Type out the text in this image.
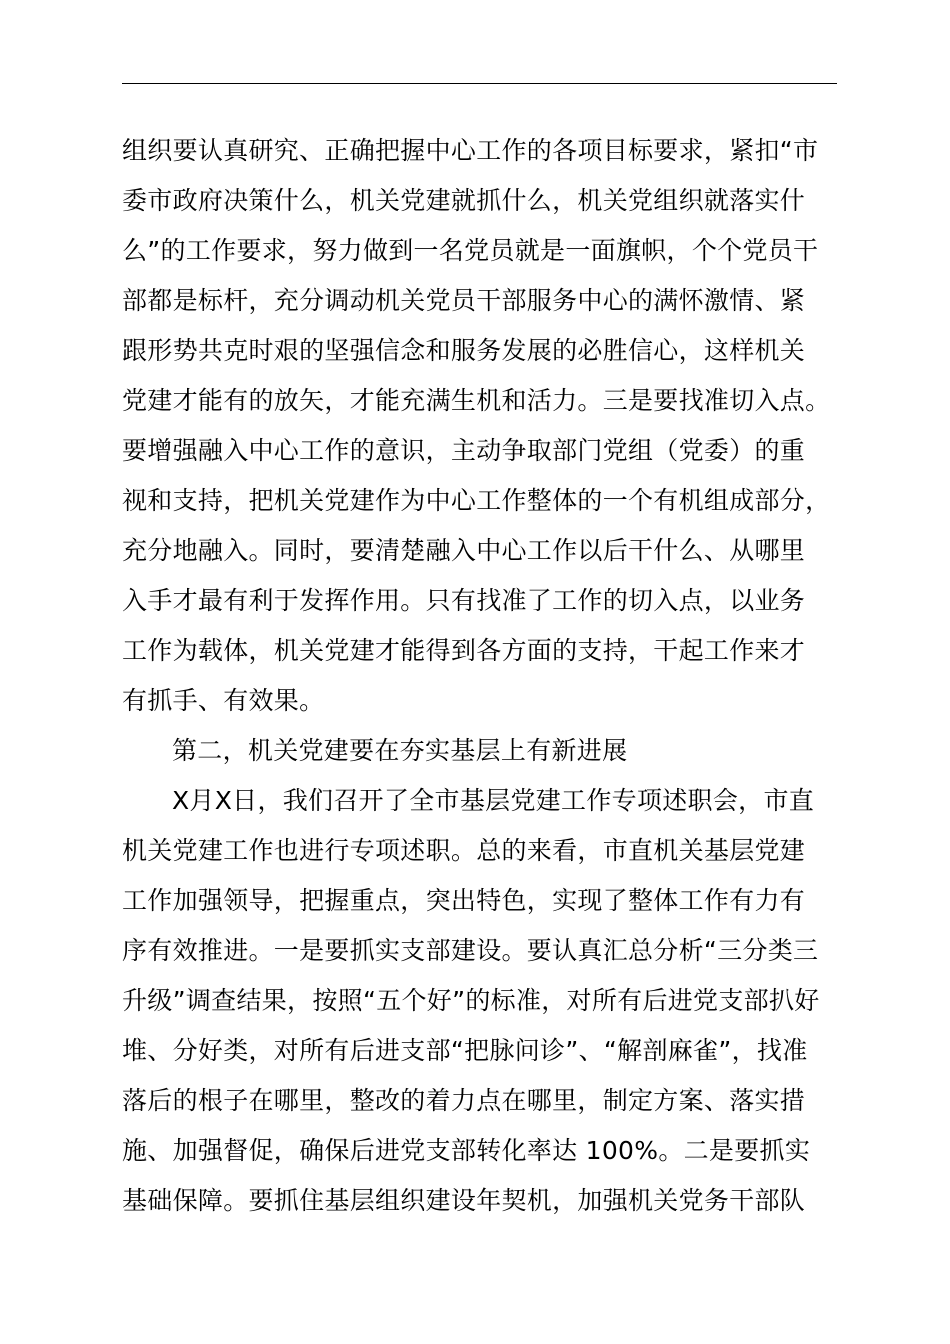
组织要认真研究、正确把握中心工作的各项目标要求，紧扣“市
委市政府决策什么，机关党建就抓什么，机关党组织就落实什
么”的工作要求，努力做到一名党员就是一面旗帜，个个党员干
部都是标杆，充分调动机关党员干部服务中心的满怀激情、紧
跟形势共克时艰的坚强信念和服务发展的必胜信心，这样机关
党建才能有的放矢，才能充满生机和活力。三是要找准切入点。
要增强融入中心工作的意识，主动争取部门党组（党委）的重
视和支持，把机关党建作为中心工作整体的一个有机组成部分，
充分地融入。同时，要清楚融入中心工作以后干什么、从哪里
入手才最有利于发挥作用。只有找准了工作的切入点，以业务
工作为载体，机关党建才能得到各方面的支持，干起工作来才
有抓手、有效果。
第二，机关党建要在夯实基层上有新进展
X月X日，我们召开了全市基层党建工作专项述职会，市直
机关党建工作也进行专项述职。总的来看，市直机关基层党建
工作加强领导，把握重点，突出特色，实现了整体工作有力有
序有效推进。一是要抓实支部建设。要认真汇总分析“三分类三
升级”调查结果，按照“五个好”的标准，对所有后进党支部扒好
堆、分好类，对所有后进支部“把脉问诊”、“解剖麻雀”，找准
落后的根子在哪里，整改的着力点在哪里，制定方案、落实措
施、加强督促，确保后进党支部转化率达 100%。二是要抓实
基础保障。要抓住基层组织建设年契机，加强机关党务干部队
